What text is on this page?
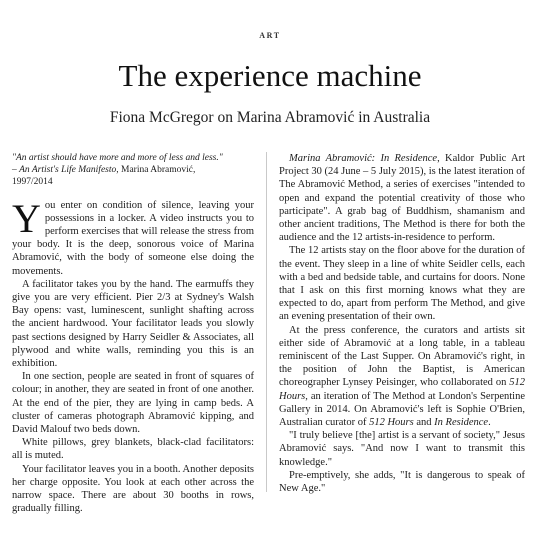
ART
The experience machine
Fiona McGregor on Marina Abramović in Australia
"An artist should have more and more of less and less."
– An Artist's Life Manifesto, Marina Abramović,
1997/2014

You enter on condition of silence, leaving your possessions in a locker. A video instructs you to perform exercises that will release the stress from your body. It is the deep, sonorous voice of Marina Abramović, with the body of someone else doing the movements.

A facilitator takes you by the hand. The earmuffs they give you are very efficient. Pier 2/3 at Sydney's Walsh Bay opens: vast, luminescent, sunlight shafting across the ancient hardwood. Your facilitator leads you slowly past sections designed by Harry Seidler & Associates, all plywood and white walls, reminding you this is an exhibition.

In one section, people are seated in front of squares of colour; in another, they are seated in front of one another. At the end of the pier, they are lying in camp beds. A cluster of cameras photograph Abramović kipping, and David Malouf two beds down.

White pillows, grey blankets, black-clad facilitators: all is muted.

Your facilitator leaves you in a booth. Another deposits her charge opposite. You look at each other across the narrow space. There are about 30 booths in rows, gradually filling.

Marina Abramović: In Residence, Kaldor Public Art Project 30 (24 June – 5 July 2015), is the latest iteration of The Abramović Method, a series of exercises "intended to open and expand the potential creativity of those who participate". A grab bag of Buddhism, shamanism and other ancient traditions, The Method is there for both the audience and the 12 artists-in-residence to perform.

The 12 artists stay on the floor above for the duration of the event. They sleep in a line of white Seidler cells, each with a bed and bedside table, and curtains for doors. None that I ask on this first morning knows what they are expected to do, apart from perform The Method, and give an evening presentation of their own.

At the press conference, the curators and artists sit either side of Abramović at a long table, in a tableau reminiscent of the Last Supper. On Abramović's right, in the position of John the Baptist, is American choreographer Lynsey Peisinger, who collaborated on 512 Hours, an iteration of The Method at London's Serpentine Gallery in 2014. On Abramović's left is Sophie O'Brien, Australian curator of 512 Hours and In Residence.

"I truly believe [the] artist is a servant of society," Jesus Abramović says. "And now I want to transmit this knowledge."

Pre-emptively, she adds, "It is dangerous to speak of New Age."
